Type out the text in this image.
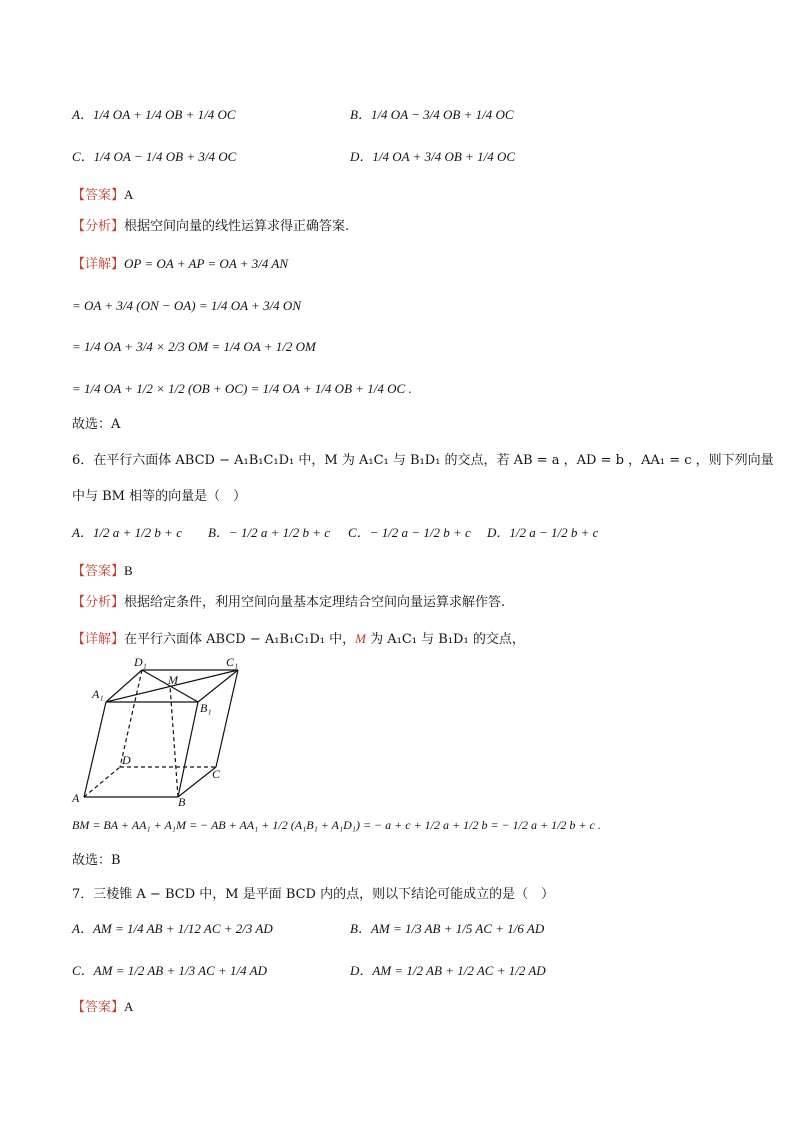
A．1/4 OA + 1/4 OB + 1/4 OC	B．1/4 OA − 3/4 OB + 1/4 OC
C．1/4 OA − 1/4 OB + 3/4 OC	D．1/4 OA + 3/4 OB + 1/4 OC
【答案】A
【分析】根据空间向量的线性运算求得正确答案.
【详解】OP = OA + AP = OA + 3/4 AN
= OA + 3/4 (ON − OA) = 1/4 OA + 3/4 ON
= 1/4 OA + 3/4 × 2/3 OM = 1/4 OA + 1/2 OM
= 1/4 OA + 1/2 × 1/2 (OB + OC) = 1/4 OA + 1/4 OB + 1/4 OC .
故选：A
6．在平行六面体 ABCD − A₁B₁C₁D₁ 中，M 为 A₁C₁ 与 B₁D₁ 的交点，若 AB = a ，AD = b ，AA₁ = c ，则下列向量
中与 BM 相等的向量是（　）
A．1/2 a + 1/2 b + c B．− 1/2 a + 1/2 b + c C．− 1/2 a − 1/2 b + c D．1/2 a − 1/2 b + c
【答案】B
【分析】根据给定条件，利用空间向量基本定理结合空间向量运算求解作答.
【详解】在平行六面体 ABCD − A₁B₁C₁D₁ 中，M 为 A₁C₁ 与 B₁D₁ 的交点，
D₁	C₁
A₁
M
B₁
D
C
A	B
BM = BA + AA₁ + A₁M = − AB + AA₁ + 1/2 (A₁B₁ + A₁D₁) = − a + c + 1/2 a + 1/2 b = − 1/2 a + 1/2 b + c .
故选：B
7．三棱锥 A − BCD 中，M 是平面 BCD 内的点，则以下结论可能成立的是（　）
A．AM = 1/4 AB + 1/12 AC + 2/3 AD	B．AM = 1/3 AB + 1/5 AC + 1/6 AD
C．AM = 1/2 AB + 1/3 AC + 1/4 AD	D．AM = 1/2 AB + 1/2 AC + 1/2 AD
【答案】A
